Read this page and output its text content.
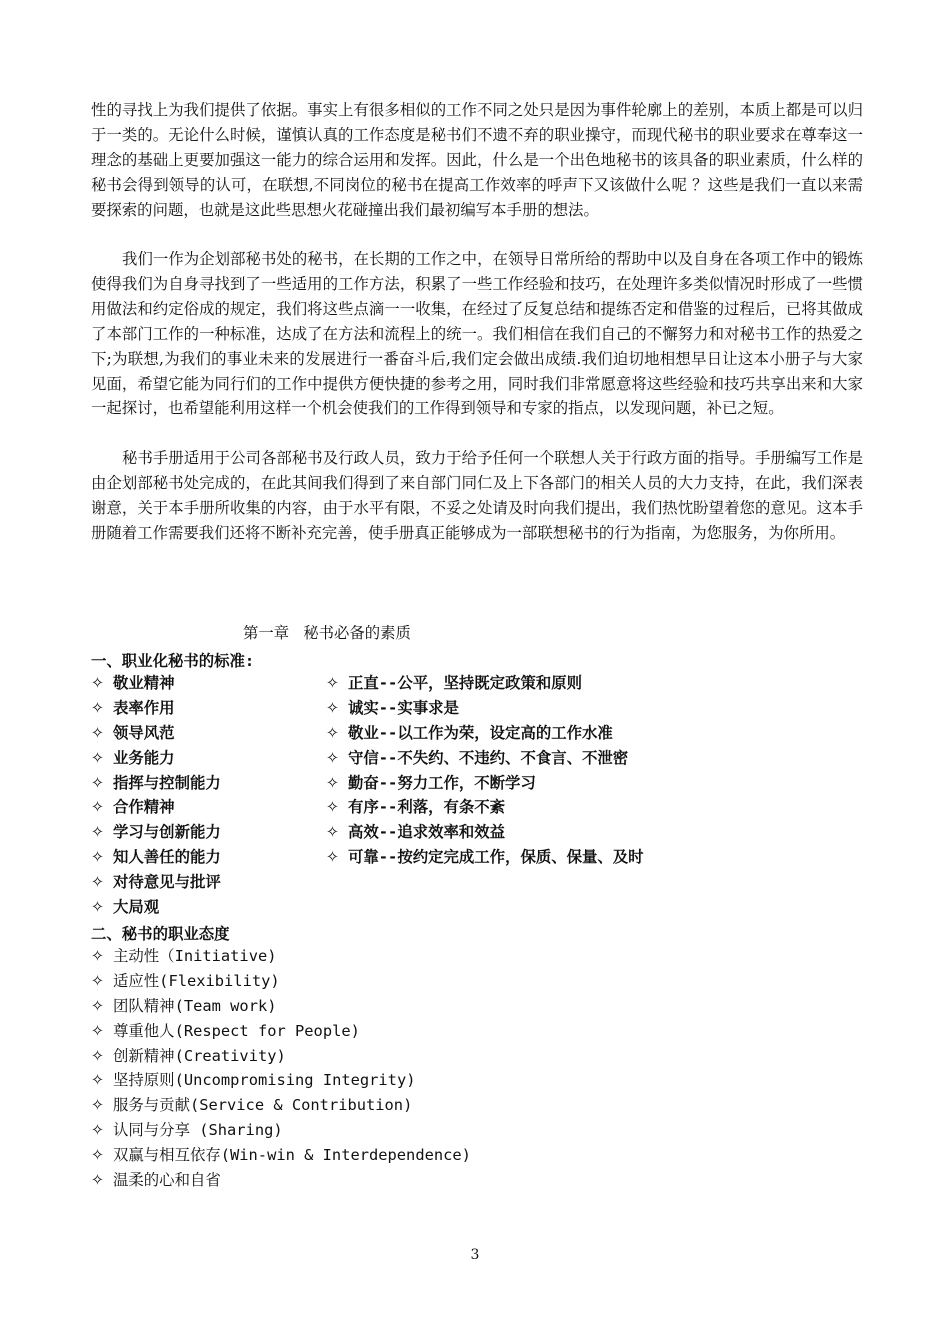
性的寻找上为我们提供了依据。事实上有很多相似的工作不同之处只是因为事件轮廓上的差别，本质上都是可以归于一类的。无论什么时候，谨慎认真的工作态度是秘书们不遗不弃的职业操守，而现代秘书的职业要求在尊奉这一理念的基础上更要加强这一能力的综合运用和发挥。因此，什么是一个出色地秘书的该具备的职业素质，什么样的秘书会得到领导的认可，在联想,不同岗位的秘书在提高工作效率的呼声下又该做什么呢 ？这些是我们一直以来需要探索的问题，也就是这此些思想火花碰撞出我们最初编写本手册的想法。

我们一作为企划部秘书处的秘书，在长期的工作之中，在领导日常所给的帮助中以及自身在各项工作中的锻炼使得我们为自身寻找到了一些适用的工作方法，积累了一些工作经验和技巧，在处理许多类似情况时形成了一些惯用做法和约定俗成的规定，我们将这些点滴一一收集，在经过了反复总结和提练否定和借鉴的过程后，已将其做成了本部门工作的一种标准，达成了在方法和流程上的统一。我们相信在我们自己的不懈努力和对秘书工作的热爱之下;为联想,为我们的事业未来的发展进行一番奋斗后,我们定会做出成绩.我们迫切地相想早日让这本小册子与大家见面，希望它能为同行们的工作中提供方便快捷的参考之用，同时我们非常愿意将这些经验和技巧共享出来和大家一起探讨，也希望能利用这样一个机会使我们的工作得到领导和专家的指点，以发现问题，补已之短。

秘书手册适用于公司各部秘书及行政人员，致力于给予任何一个联想人关于行政方面的指导。手册编写工作是由企划部秘书处完成的，在此其间我们得到了来自部门同仁及上下各部门的相关人员的大力支持，在此，我们深表谢意，关于本手册所收集的内容，由于水平有限，不妥之处请及时向我们提出，我们热忱盼望着您的意见。这本手册随着工作需要我们还将不断补充完善，使手册真正能够成为一部联想秘书的行为指南，为您服务，为你所用。

第一章 秘书必备的素质

一、职业化秘书的标准:

✧ 敬业精神
✧ 表率作用
✧ 领导风范
✧ 业务能力
✧ 指挥与控制能力
✧ 合作精神
✧ 学习与创新能力
✧ 知人善任的能力
✧ 对待意见与批评
✧ 大局观
✧ 正直--公平，坚持既定政策和原则
✧ 诚实--实事求是
✧ 敬业--以工作为荣，设定高的工作水准
✧ 守信--不失约、不违约、不食言、不泄密
✧ 勤奋--努力工作，不断学习
✧ 有序--利落，有条不紊
✧ 高效--追求效率和效益
✧ 可靠--按约定完成工作，保质、保量、及时

二、秘书的职业态度

✧ 主动性（Initiative)
✧ 适应性(Flexibility)
✧ 团队精神(Team work)
✧ 尊重他人(Respect for People)
✧ 创新精神(Creativity)
✧ 坚持原则(Uncompromising Integrity)
✧ 服务与贡献(Service & Contribution)
✧ 认同与分享 (Sharing)
✧ 双赢与相互依存(Win-win & Interdependence)
✧ 温柔的心和自省

3
